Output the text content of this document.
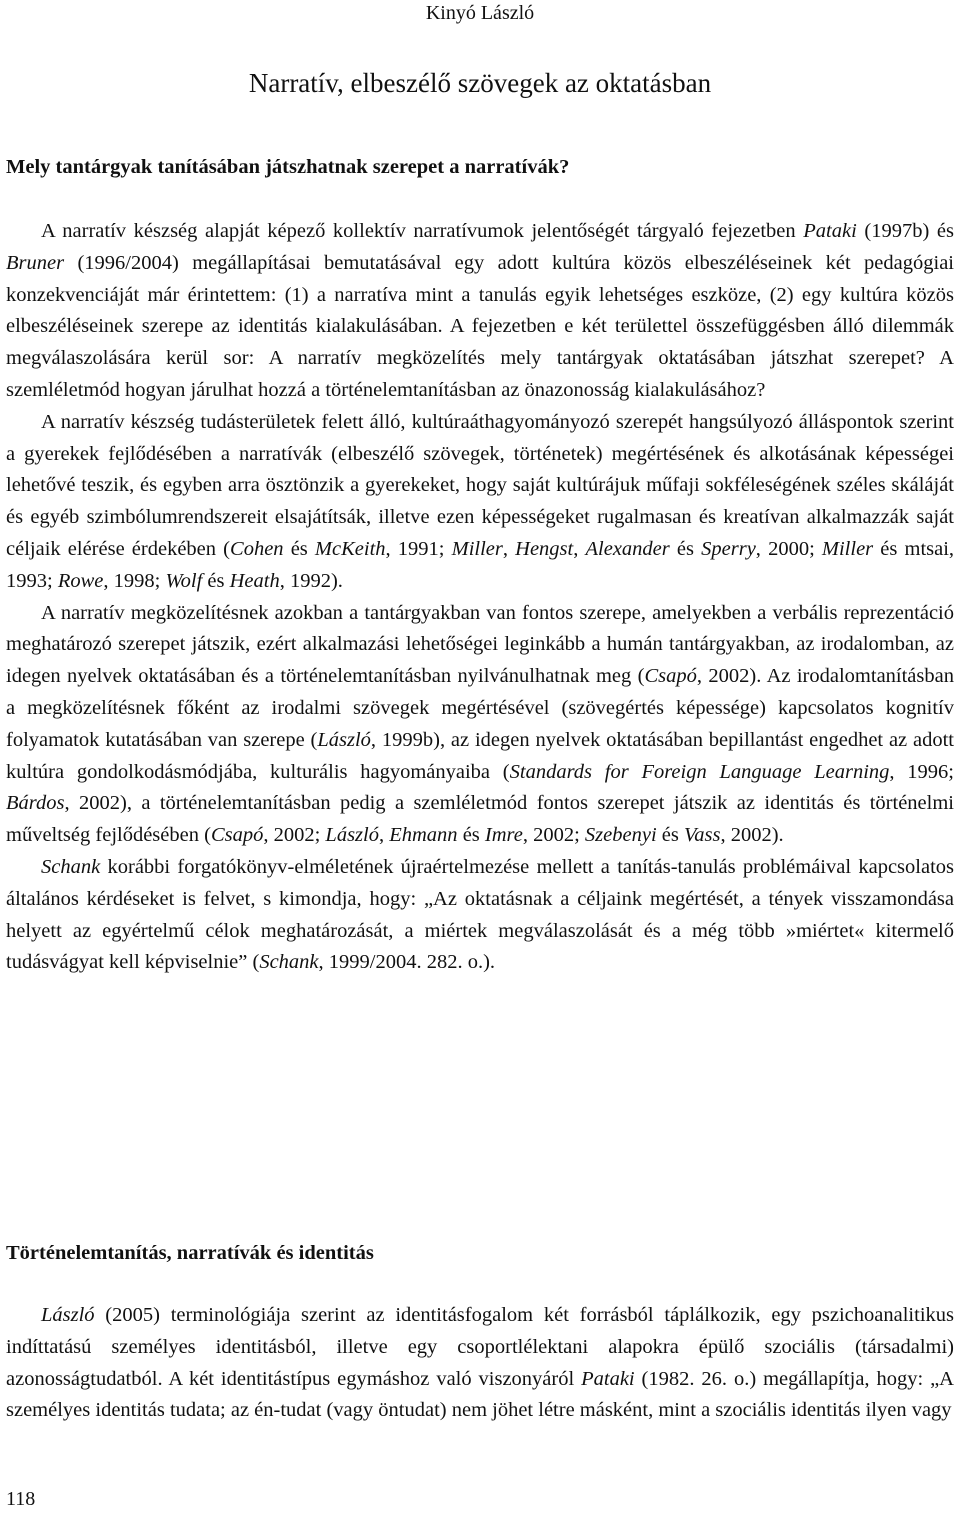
Kinyó László
Narratív, elbeszélő szövegek az oktatásban
Mely tantárgyak tanításában játszhatnak szerepet a narratívák?

A narratív készség alapját képező kollektív narratívumok jelentőségét tárgyaló fejezetben Pataki (1997b) és Bruner (1996/2004) megállapításai bemutatásával egy adott kultúra közös elbeszéléseinek két pedagógiai konzekvenciáját már érintettem: (1) a narratíva mint a tanulás egyik lehetséges eszköze, (2) egy kultúra közös elbeszéléseinek szerepe az identitás kialakulásában. A fejezetben e két területtel összefüggésben álló dilemmák megválaszolására kerül sor: A narratív megközelítés mely tantárgyak oktatásában játszhat szerepet? A szemléletmód hogyan járulhat hozzá a történelemtanításban az önazonosság kialakulásához?

A narratív készség tudásterületek felett álló, kultúraáthagyományozó szerepét hangsúlyozó álláspontok szerint a gyerekek fejlődésében a narratívák (elbeszélő szövegek, történetek) megértésének és alkotásának képességei lehetővé teszik, és egyben arra ösztönzik a gyerekeket, hogy saját kultúrájuk műfaji sokféleségének széles skáláját és egyéb szimbólumrendszereit elsajátítsák, illetve ezen képességeket rugalmasan és kreatívan alkalmazzák saját céljaik elérése érdekében (Cohen és McKeith, 1991; Miller, Hengst, Alexander és Sperry, 2000; Miller és mtsai, 1993; Rowe, 1998; Wolf és Heath, 1992).

A narratív megközelítésnek azokban a tantárgyakban van fontos szerepe, amelyekben a verbális reprezentáció meghatározó szerepet játszik, ezért alkalmazási lehetőségei leginkább a humán tantárgyakban, az irodalomban, az idegen nyelvek oktatásában és a történelemtanításban nyilvánulhatnak meg (Csapó, 2002). Az irodalomtanításban a megközelítésnek főként az irodalmi szövegek megértésével (szövegértés képessége) kapcsolatos kognitív folyamatok kutatásában van szerepe (László, 1999b), az idegen nyelvek oktatásában bepillantást engedhet az adott kultúra gondolkodásmódjába, kulturális hagyományaiba (Standards for Foreign Language Learning, 1996; Bárdos, 2002), a történelemtanításban pedig a szemléletmód fontos szerepet játszik az identitás és történelmi műveltség fejlődésében (Csapó, 2002; László, Ehmann és Imre, 2002; Szebenyi és Vass, 2002).

Schank korábbi forgatókönyv-elméletének újraértelmezése mellett a tanítás-tanulás problémáival kapcsolatos általános kérdéseket is felvet, s kimondja, hogy: „Az oktatásnak a céljaink megértését, a tények visszamondása helyett az egyértelmű célok meghatározását, a miértek megválaszolását és a még több »miértet« kitermelő tudásvágyat kell képviselnie” (Schank, 1999/2004. 282. o.).

Történelemtanítás, narratívák és identitás

László (2005) terminológiája szerint az identitásfogalom két forrásból táplálkozik, egy pszichoanalitikus indíttatású személyes identitásból, illetve egy csoportlélektani alapokra épülő szociális (társadalmi) azonosságtudatból. A két identitástípus egymáshoz való viszonyáról Pataki (1982. 26. o.) megállapítja, hogy: „A személyes identitás tudata; az én-tudat (vagy öntudat) nem jöhet létre másként, mint a szociális identitás ilyen vagy

118
